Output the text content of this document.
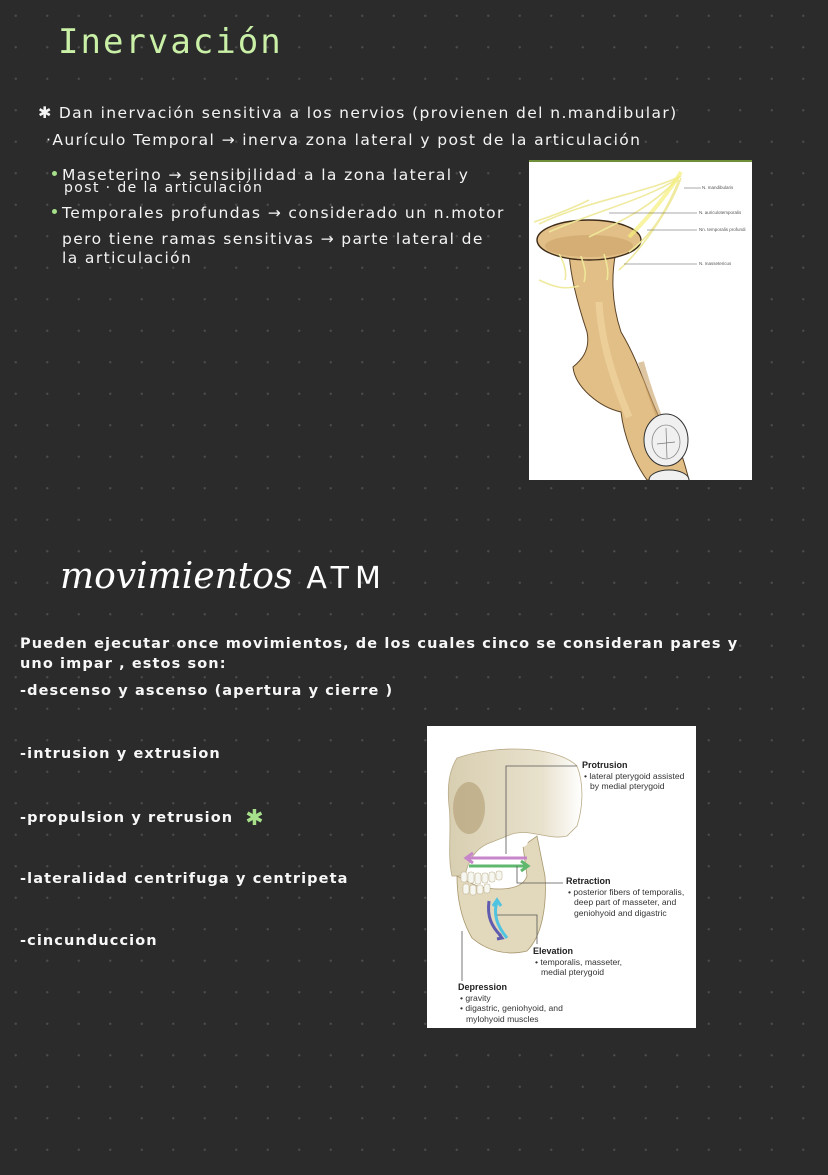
Inervación
✱ Dan inervación sensitiva a los nervios (provienen del n.mandibular)
·Aurículo Temporal → inerva zona lateral y post de la articulación
Maseterino → sensibilidad a la zona lateral y
post · de la articulación
Temporales profundas → considerado un n.motor
pero tiene ramas sensitivas → parte lateral de
la articulación
N. mandibularis
N. auriculotemporalis
Nn. temporalis profundi
N. massetericus
movimientos ATM
Pueden ejecutar once movimientos, de los cuales cinco se consideran pares y
uno impar , estos son:
-descenso y ascenso (apertura y cierre )
-intrusion y extrusion
-propulsion y retrusion ✱
-lateralidad centrifuga y centripeta
-cincunduccion
Protrusion
• lateral pterygoid assisted
by medial pterygoid
Retraction
• posterior fibers of temporalis,
deep part of masseter, and
geniohyoid and digastric
Elevation
• temporalis, masseter,
medial pterygoid
Depression
• gravity
• digastric, geniohyoid, and
mylohyoid muscles
